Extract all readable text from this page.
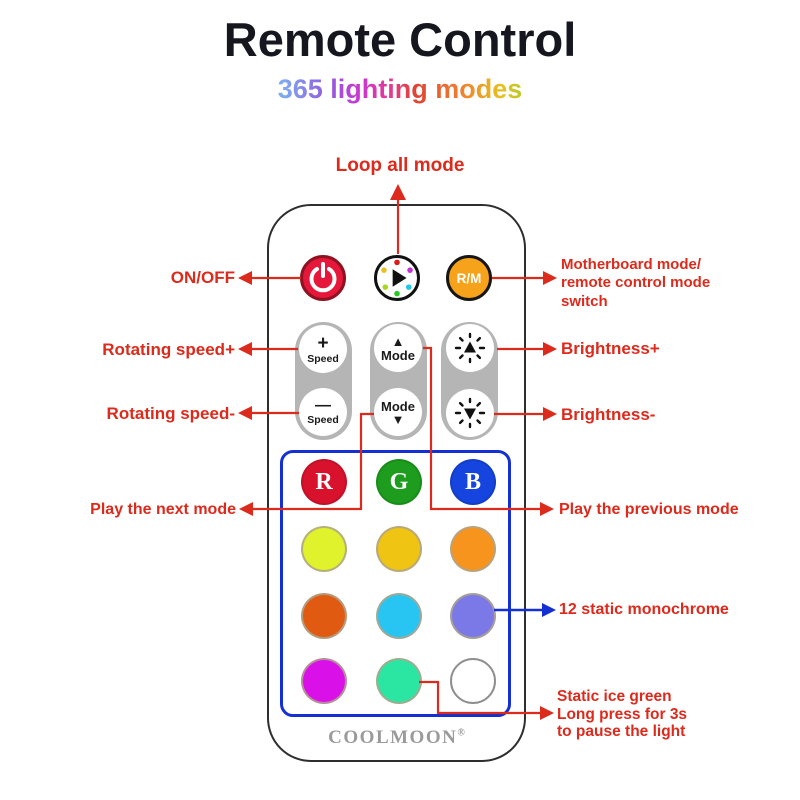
Remote Control
365 lighting modes
R/M
+
Speed
—
Speed
▲
Mode
Mode
▼
R G B
COOLMOON®
Loop all mode
ON/OFF
Rotating speed+
Rotating speed-
Play the next mode
Motherboard mode/
remote control mode
switch
Brightness+
Brightness-
Play the previous mode
12 static monochrome
Static ice green
Long press for 3s
to pause the light
